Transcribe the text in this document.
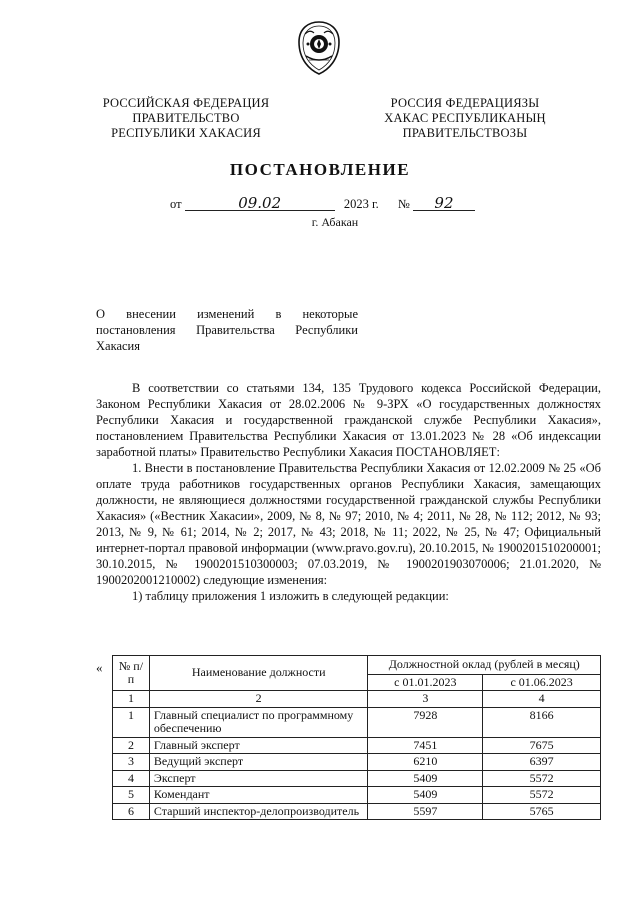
РОССИЙСКАЯ ФЕДЕРАЦИЯ
ПРАВИТЕЛЬСТВО
РЕСПУБЛИКИ ХАКАСИЯ
РОССИЯ ФЕДЕРАЦИЯЗЫ
ХАКАС РЕСПУБЛИКАНЫҢ
ПРАВИТЕЛЬСТВОЗЫ
ПОСТАНОВЛЕНИЕ
от	09.02	2023 г. № 92
г. Абакан
О внесении изменений в некоторые постановления Правительства Республики Хакасия

В соответствии со статьями 134, 135 Трудового кодекса Российской Федерации, Законом Республики Хакасия от 28.02.2006 № 9-ЗРХ «О государственных должностях Республики Хакасия и государственной гражданской службе Республики Хакасия», постановлением Правительства Республики Хакасия от 13.01.2023 № 28 «Об индексации заработной платы» Правительство Республики Хакасия ПОСТАНОВЛЯЕТ:

1. Внести в постановление Правительства Республики Хакасия от 12.02.2009 № 25 «Об оплате труда работников государственных органов Республики Хакасия, замещающих должности, не являющиеся должностями государственной гражданской службы Республики Хакасия» («Вестник Хакасии», 2009, № 8, № 97; 2010, № 4; 2011, № 28, № 112; 2012, № 93; 2013, № 9, № 61; 2014, № 2; 2017, № 43; 2018, № 11; 2022, № 25, № 47; Официальный интернет-портал правовой информации (www.pravo.gov.ru), 20.10.2015, № 1900201510200001; 30.10.2015, № 1900201510300003; 07.03.2019, № 1900201903070006; 21.01.2020, № 1900202001210002) следующие изменения:

1) таблицу приложения 1 изложить в следующей редакции:

« № п/п	Наименование должности	Должностной оклад (рублей в месяц)	
		с 01.01.2023	с 01.06.2023
1	2	3	4
1	Главный специалист по программному обеспечению	7928	8166
2	Главный эксперт	7451	7675
3	Ведущий эксперт	6210	6397
4	Эксперт	5409	5572
5	Комендант	5409	5572
6	Старший инспектор-делопроизводитель	5597	5765
